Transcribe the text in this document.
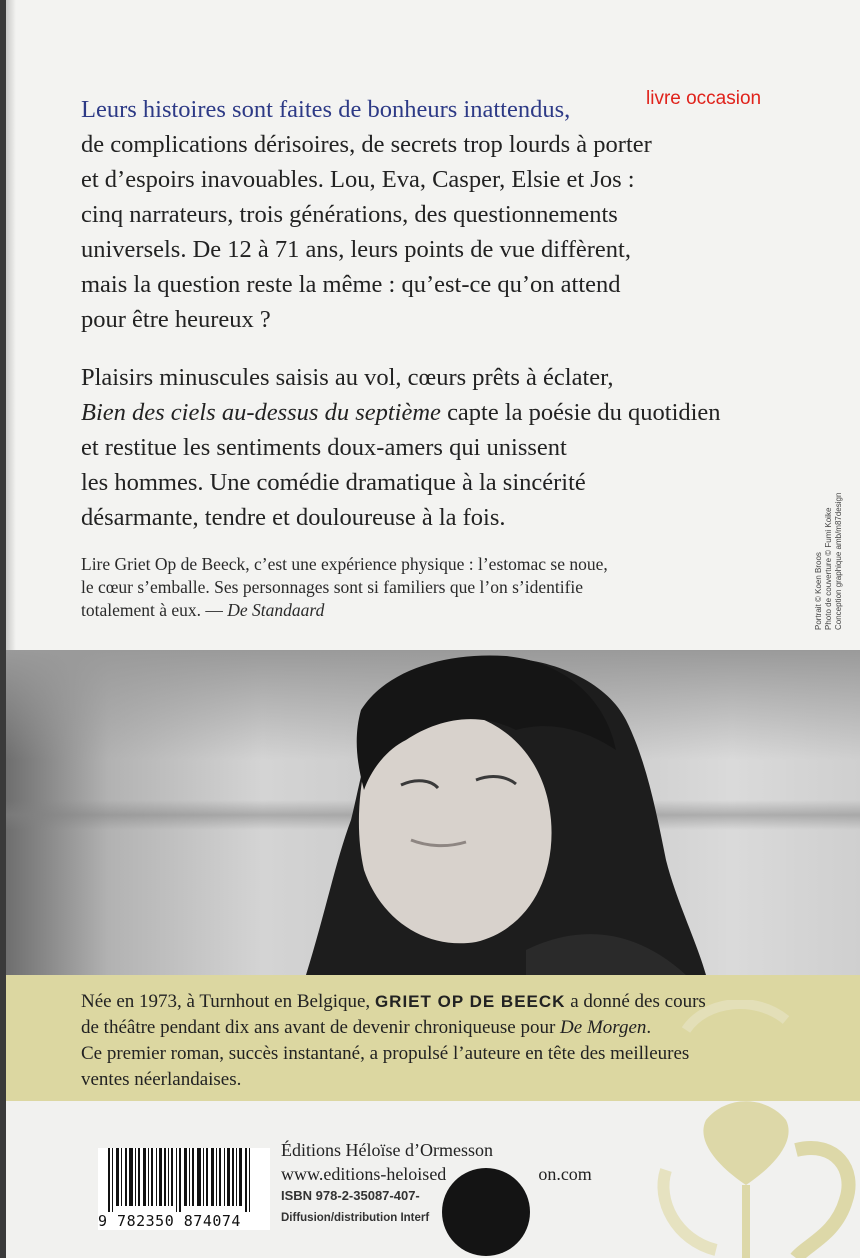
livre occasion

Leurs histoires sont faites de bonheurs inattendus,
de complications dérisoires, de secrets trop lourds à porter
et d’espoirs inavouables. Lou, Eva, Casper, Elsie et Jos :
cinq narrateurs, trois générations, des questionnements
universels. De 12 à 71 ans, leurs points de vue diffèrent,
mais la question reste la même : qu’est-ce qu’on attend
pour être heureux ?

Plaisirs minuscules saisis au vol, cœurs prêts à éclater,
Bien des ciels au-dessus du septième capte la poésie du quotidien
et restitue les sentiments doux-amers qui unissent
les hommes. Une comédie dramatique à la sincérité
désarmante, tendre et douloureuse à la fois.

Lire Griet Op de Beeck, c’est une expérience physique : l’estomac se noue,
le cœur s’emballe. Ses personnages sont si familiers que l’on s’identifie
totalement à eux. — De Standaard	Portrait © Koen Broos
Photo de couverture © Fumi Koike
Conception graphique amb/m87design

Née en 1973, à Turnhout en Belgique, GRIET OP DE BEECK a donné des cours
de théâtre pendant dix ans avant de devenir chroniqueuse pour De Morgen.
Ce premier roman, succès instantané, a propulsé l’auteure en tête des meilleures
ventes néerlandaises.

9 782350 874074

Éditions Héloïse d’Ormesson
www.editions-heloised	on.com

ISBN 978-2-35087-407-
Diffusion/distribution Interf
